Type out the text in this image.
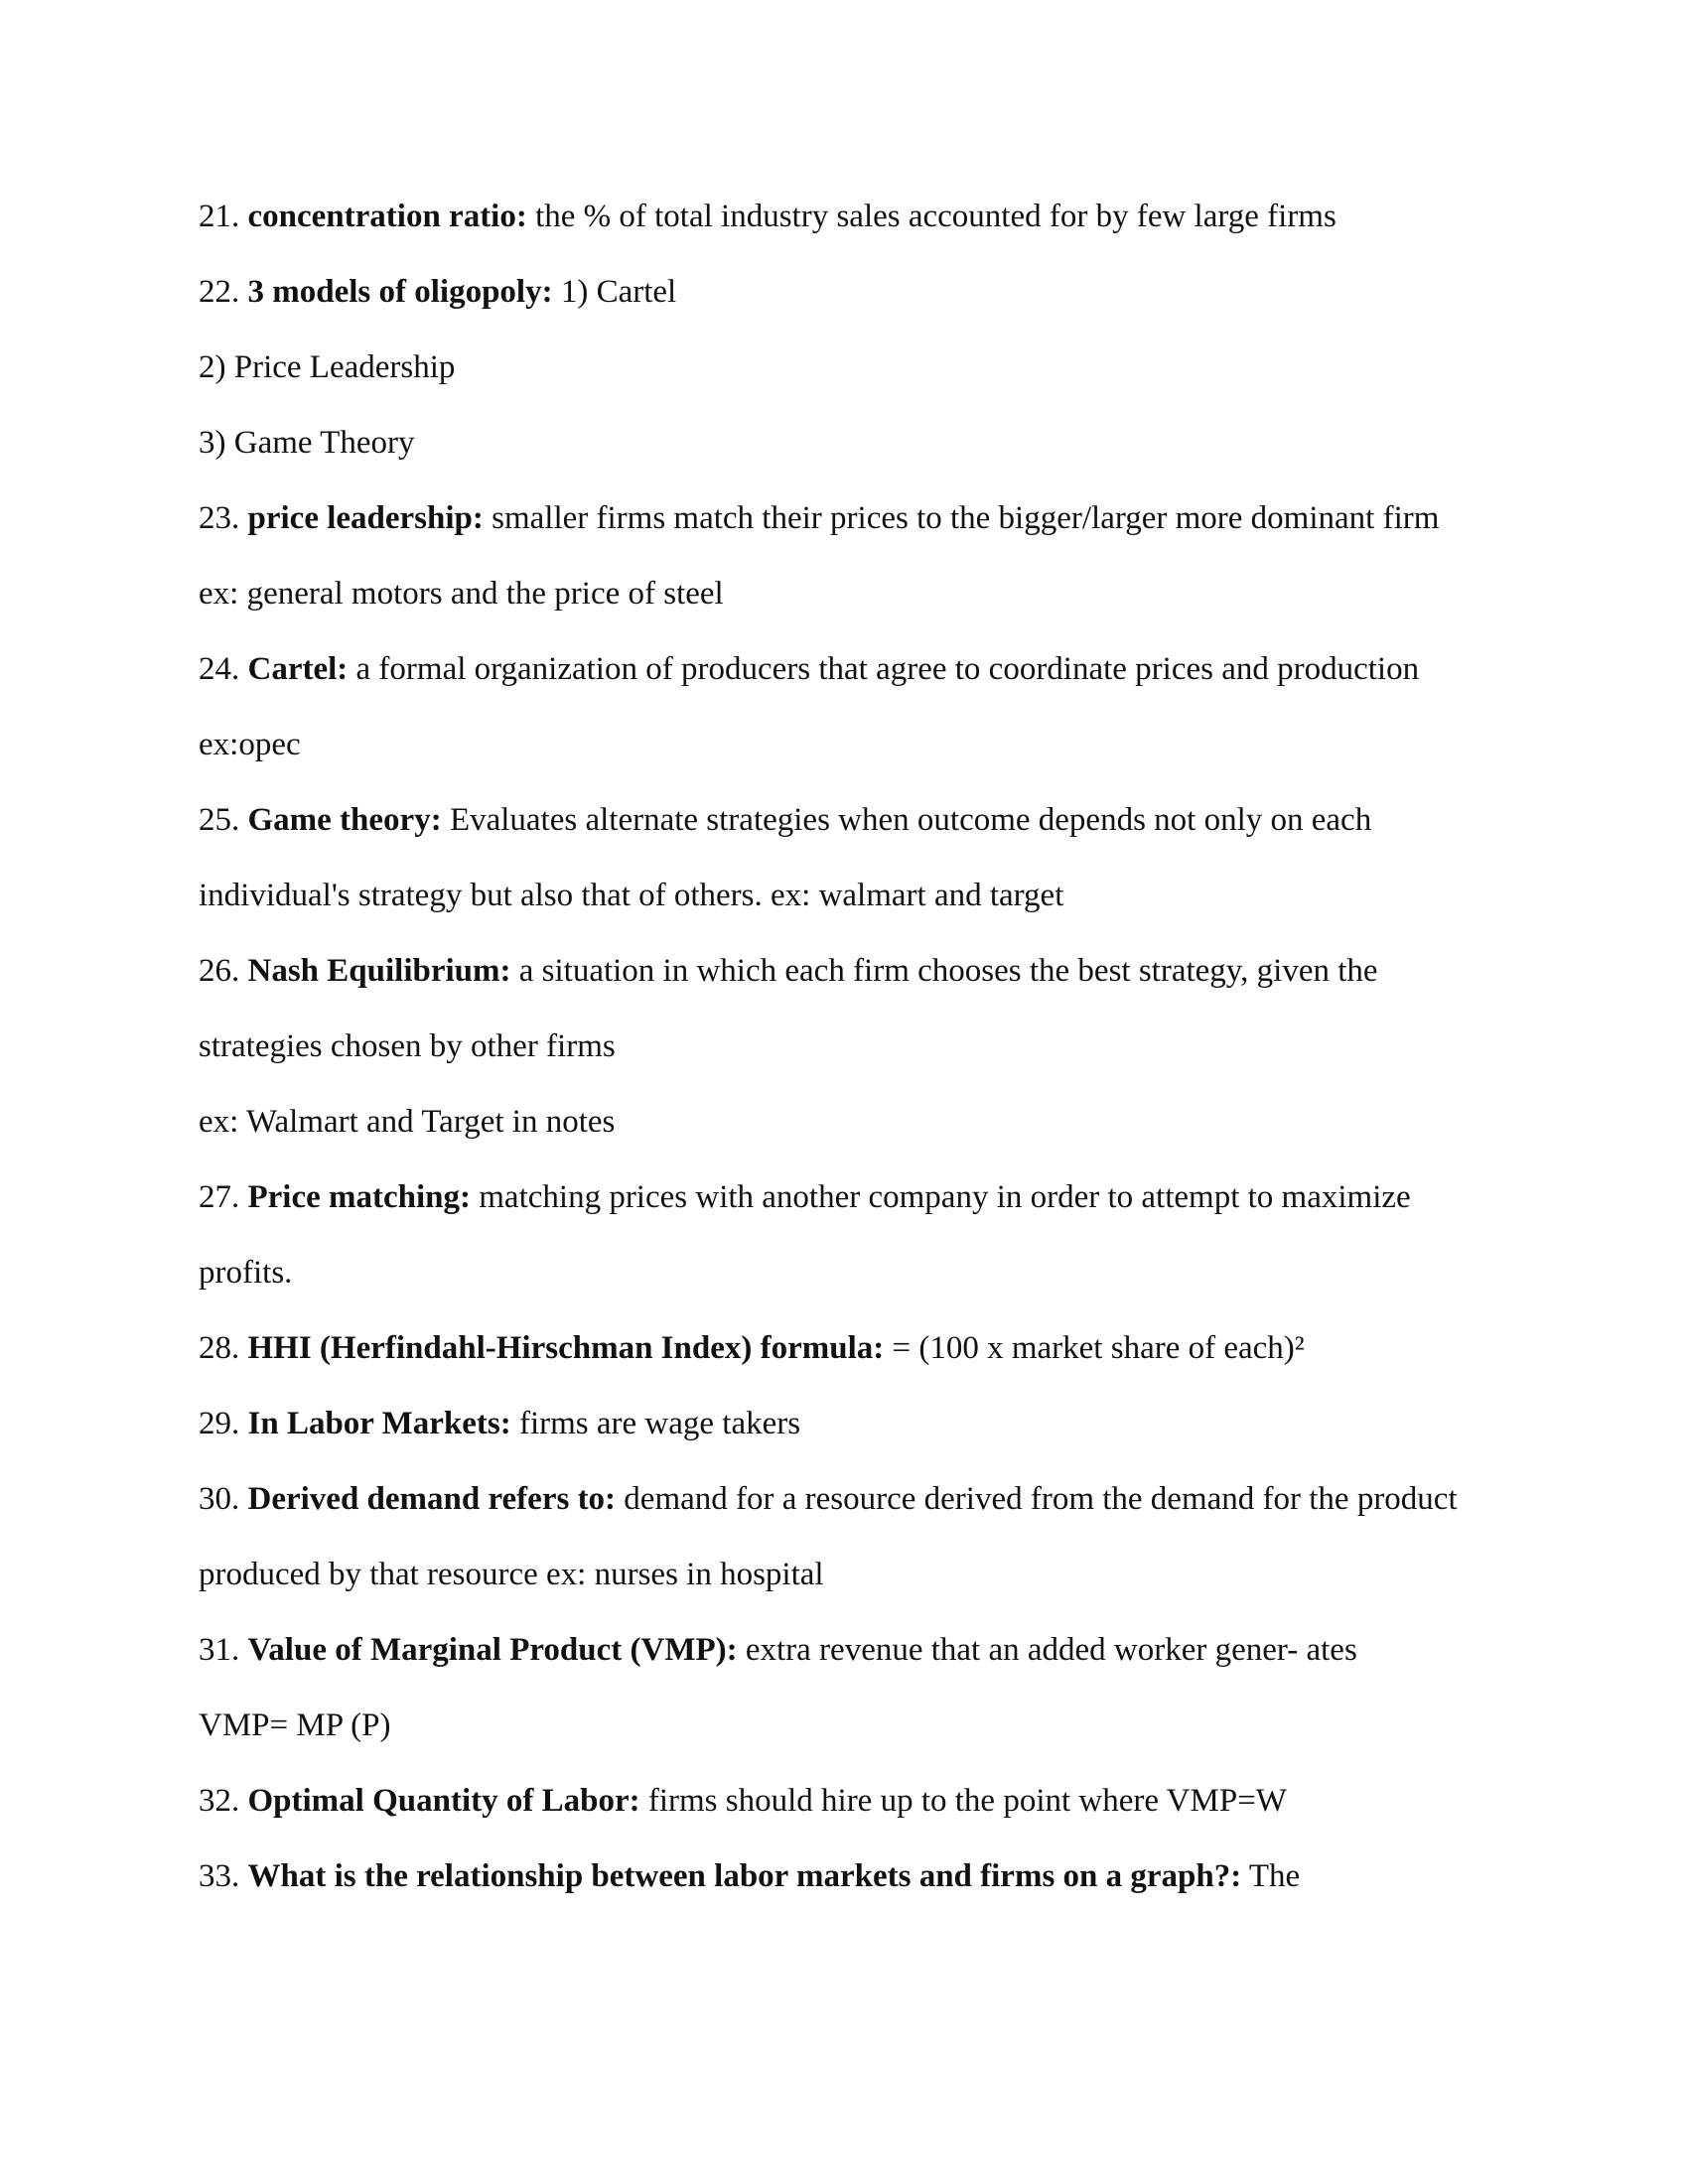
21. concentration ratio: the % of total industry sales accounted for by few large firms
22. 3 models of oligopoly: 1) Cartel
2) Price Leadership
3) Game Theory
23. price leadership: smaller firms match their prices to the bigger/larger more dominant firm
ex: general motors and the price of steel
24. Cartel: a formal organization of producers that agree to coordinate prices and production
ex:opec
25. Game theory: Evaluates alternate strategies when outcome depends not only on each
individual's strategy but also that of others. ex: walmart and target
26. Nash Equilibrium: a situation in which each firm chooses the best strategy, given the
strategies chosen by other firms
ex: Walmart and Target in notes
27. Price matching: matching prices with another company in order to attempt to maximize
profits.
28. HHI (Herfindahl-Hirschman Index) formula: = (100 x market share of each)²
29. In Labor Markets: firms are wage takers
30. Derived demand refers to: demand for a resource derived from the demand for the product
produced by that resource ex: nurses in hospital
31. Value of Marginal Product (VMP): extra revenue that an added worker gener- ates
VMP= MP (P)
32. Optimal Quantity of Labor: firms should hire up to the point where VMP=W
33. What is the relationship between labor markets and firms on a graph?: The
